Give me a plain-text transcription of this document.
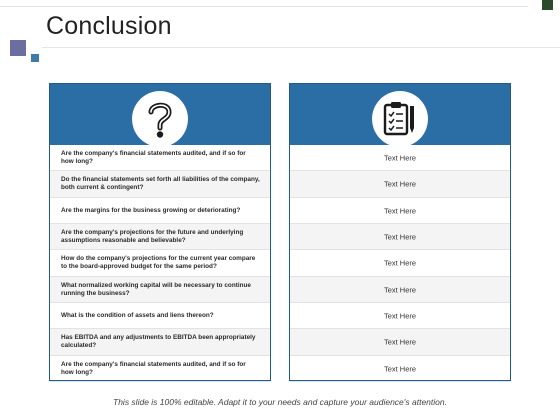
Conclusion
Are the company's financial statements audited, and if so for how long?
Do the financial statements set forth all liabilities of the company, both current & contingent?
Are the margins for the business growing or deteriorating?
Are the company's projections for the future and underlying assumptions reasonable and believable?
How do the company's projections for the current year compare to the board-approved budget for the same period?
What normalized working capital will be necessary to continue running the business?
What is the condition of assets and liens thereon?
Has EBITDA and any adjustments to EBITDA been appropriately calculated?
Are the company's financial statements audited, and if so for how long?
Text Here
Text Here
Text Here
Text Here
Text Here
Text Here
Text Here
Text Here
Text Here
This slide is 100% editable. Adapt it to your needs and capture your audience's attention.
